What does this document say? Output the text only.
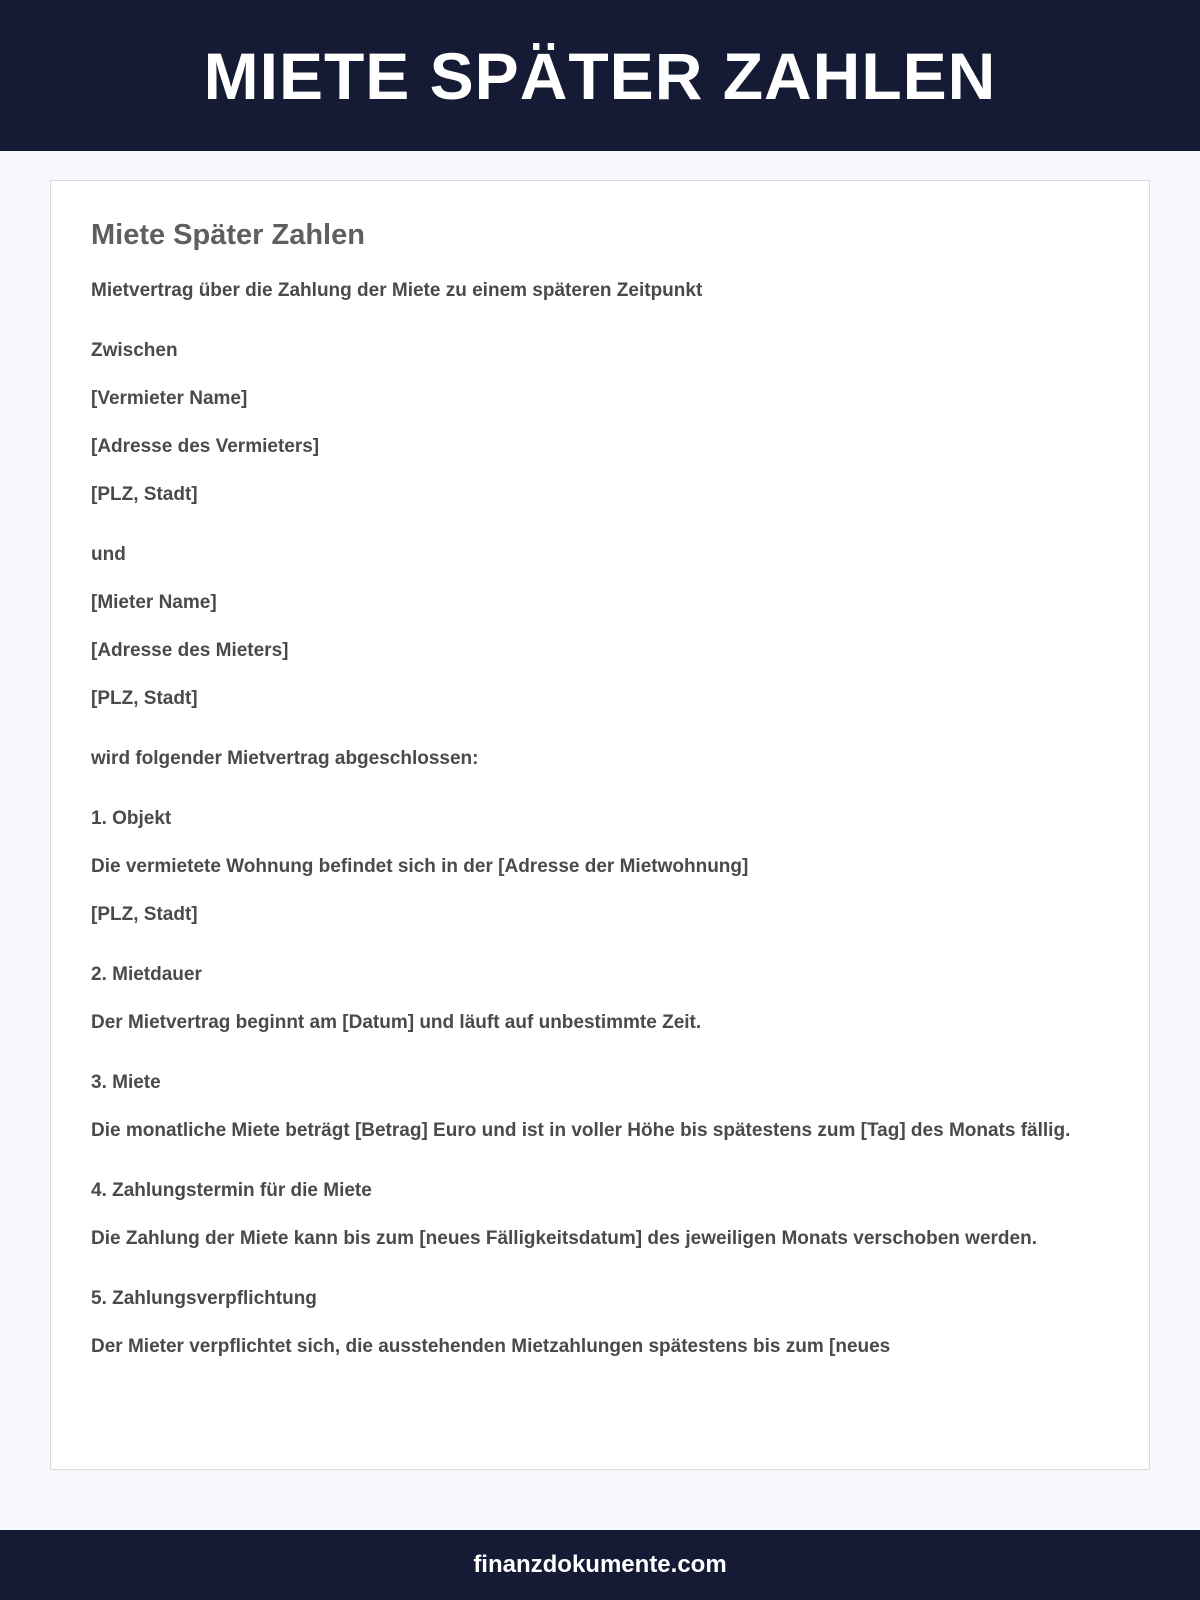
MIETE SPÄTER ZAHLEN
Miete Später Zahlen

Mietvertrag über die Zahlung der Miete zu einem späteren Zeitpunkt

Zwischen

[Vermieter Name]

[Adresse des Vermieters]

[PLZ, Stadt]

und

[Mieter Name]

[Adresse des Mieters]

[PLZ, Stadt]

wird folgender Mietvertrag abgeschlossen:

1. Objekt

Die vermietete Wohnung befindet sich in der [Adresse der Mietwohnung]

[PLZ, Stadt]

2. Mietdauer

Der Mietvertrag beginnt am [Datum] und läuft auf unbestimmte Zeit.

3. Miete

Die monatliche Miete beträgt [Betrag] Euro und ist in voller Höhe bis spätestens zum [Tag] des Monats fällig.

4. Zahlungstermin für die Miete

Die Zahlung der Miete kann bis zum [neues Fälligkeitsdatum] des jeweiligen Monats verschoben werden.

5. Zahlungsverpflichtung

Der Mieter verpflichtet sich, die ausstehenden Mietzahlungen spätestens bis zum [neues

finanzdokumente.com
